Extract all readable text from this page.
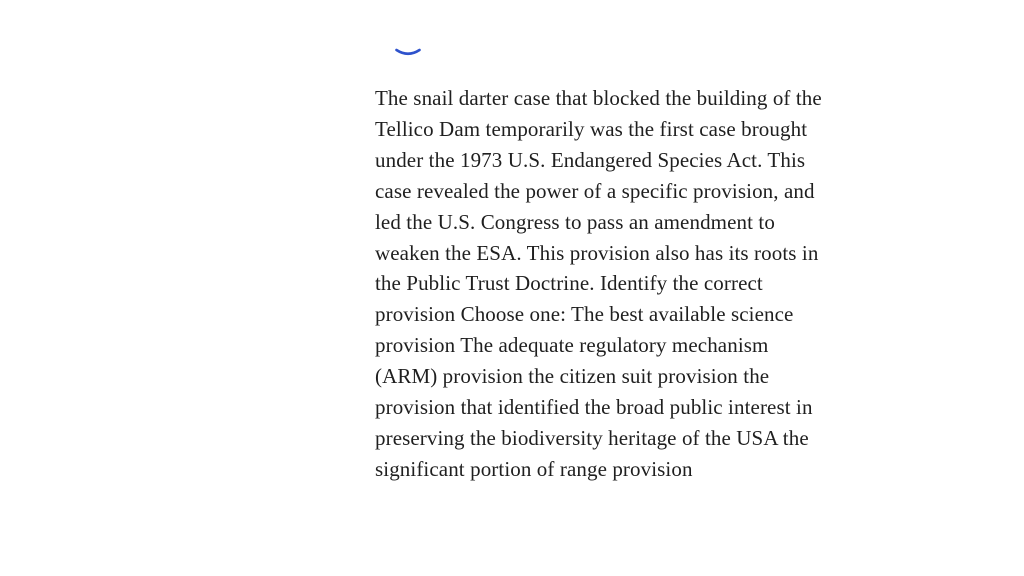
The snail darter case that blocked the building of the
Tellico Dam temporarily was the first case brought
under the 1973 U.S. Endangered Species Act. This
case revealed the power of a specific provision, and
led the U.S. Congress to pass an amendment to
weaken the ESA. This provision also has its roots in
the Public Trust Doctrine. Identify the correct
provision Choose one: The best available science
provision The adequate regulatory mechanism
(ARM) provision the citizen suit provision the
provision that identified the broad public interest in
preserving the biodiversity heritage of the USA the
significant portion of range provision
